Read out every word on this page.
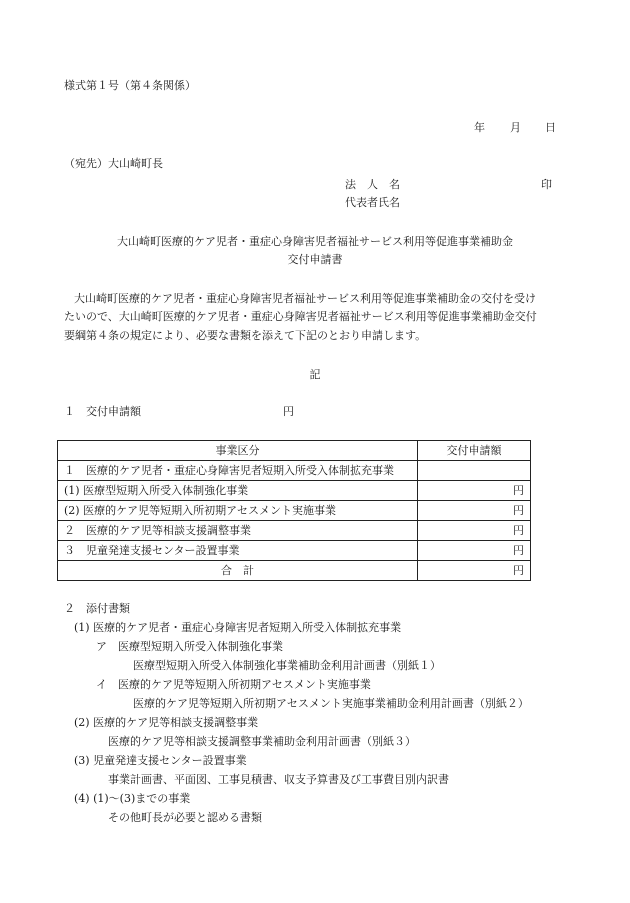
様式第１号（第４条関係）
年 月 日
（宛先）大山崎町長
法　人　名	印
代表者氏名
大山崎町医療的ケア児者・重症心身障害児者福祉サービス利用等促進事業補助金
交付申請書
大山崎町医療的ケア児者・重症心身障害児者福祉サービス利用等促進事業補助金の交付を受け
たいので、大山崎町医療的ケア児者・重症心身障害児者福祉サービス利用等促進事業補助金交付
要綱第４条の規定により、必要な書類を添えて下記のとおり申請します。
記
１　交付申請額	円
事業区分	交付申請額
１　医療的ケア児者・重症心身障害児者短期入所受入体制拡充事業	
(1) 医療型短期入所受入体制強化事業	円
(2) 医療的ケア児等短期入所初期アセスメント実施事業	円
２　医療的ケア児等相談支援調整事業	円
３　児童発達支援センター設置事業	円
合　計	円
２　添付書類
(1) 医療的ケア児者・重症心身障害児者短期入所受入体制拡充事業
ア　医療型短期入所受入体制強化事業
医療型短期入所受入体制強化事業補助金利用計画書（別紙１）
イ　医療的ケア児等短期入所初期アセスメント実施事業
医療的ケア児等短期入所初期アセスメント実施事業補助金利用計画書（別紙２）
(2) 医療的ケア児等相談支援調整事業
医療的ケア児等相談支援調整事業補助金利用計画書（別紙３）
(3) 児童発達支援センター設置事業
事業計画書、平面図、工事見積書、収支予算書及び工事費目別内訳書
(4) (1)～(3)までの事業
その他町長が必要と認める書類
